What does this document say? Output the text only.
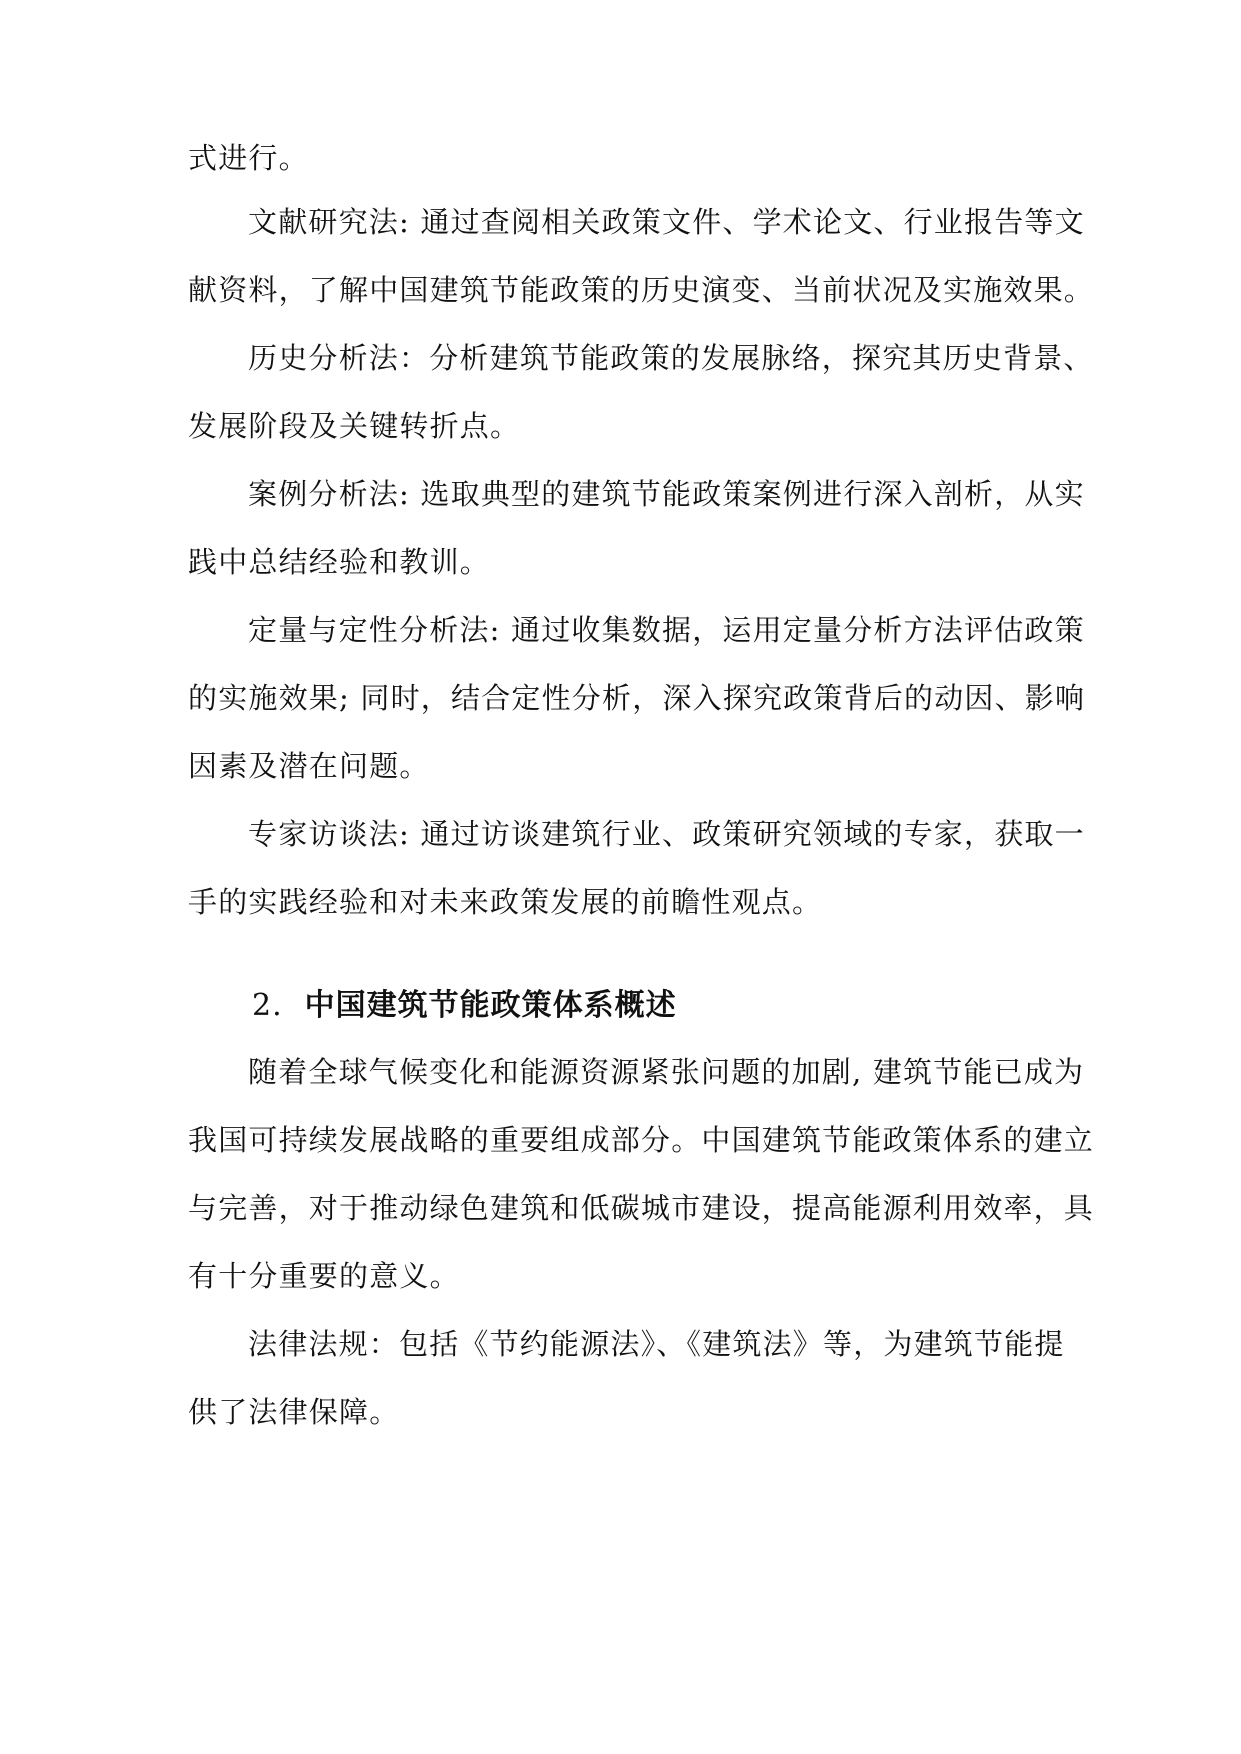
式进行。
文献研究法: 通过查阅相关政策文件、学术论文、行业报告等文
献资料，了解中国建筑节能政策的历史演变、当前状况及实施效果。
历史分析法：分析建筑节能政策的发展脉络，探究其历史背景、
发展阶段及关键转折点。
案例分析法: 选取典型的建筑节能政策案例进行深入剖析，从实
践中总结经验和教训。
定量与定性分析法: 通过收集数据，运用定量分析方法评估政策
的实施效果; 同时，结合定性分析，深入探究政策背后的动因、影响
因素及潜在问题。
专家访谈法: 通过访谈建筑行业、政策研究领域的专家，获取一
手的实践经验和对未来政策发展的前瞻性观点。
2. 中国建筑节能政策体系概述
随着全球气候变化和能源资源紧张问题的加剧, 建筑节能已成为
我国可持续发展战略的重要组成部分。中国建筑节能政策体系的建立
与完善，对于推动绿色建筑和低碳城市建设，提高能源利用效率，具
有十分重要的意义。
法律法规：包括《节约能源法》、《建筑法》等，为建筑节能提
供了法律保障。
